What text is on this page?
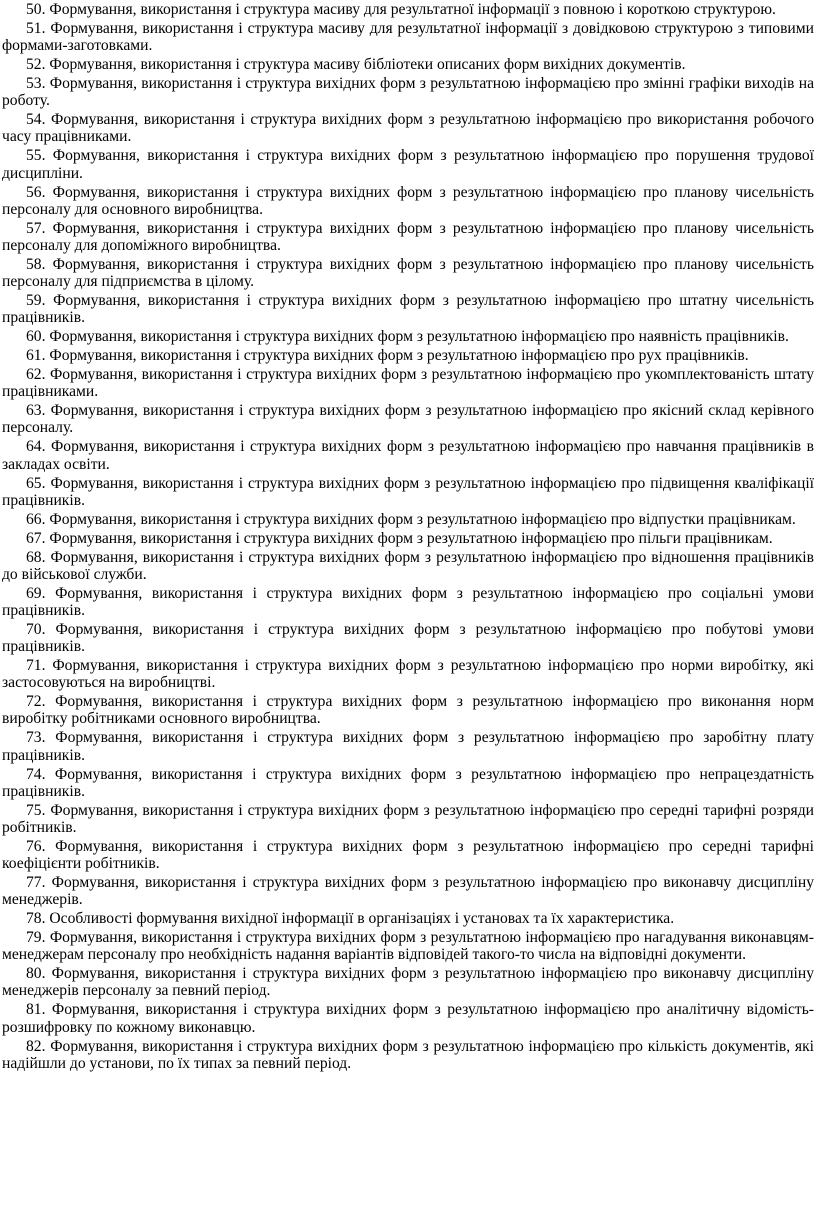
50. Формування, використання і структура масиву для результатної інформації з повною і короткою структурою.

51. Формування, використання і структура масиву для результатної інформації з довідковою структурою з типовими формами-заготовками.

52. Формування, використання і структура масиву бібліотеки описаних форм вихідних документів.

53. Формування, використання і структура вихідних форм з результатною інформацією про змінні графіки виходів на роботу.

54. Формування, використання і структура вихідних форм з результатною інформацією про використання робочого часу працівниками.

55. Формування, використання і структура вихідних форм з результатною інформацією про порушення трудової дисципліни.

56. Формування, використання і структура вихідних форм з результатною інформацією про планову чисельність персоналу для основного виробництва.

57. Формування, використання і структура вихідних форм з результатною інформацією про планову чисельність персоналу для допоміжного виробництва.

58. Формування, використання і структура вихідних форм з результатною інформацією про планову чисельність персоналу для підприємства в цілому.

59. Формування, використання і структура вихідних форм з результатною інформацією про штатну чисельність працівників.

60. Формування, використання і структура вихідних форм з результатною інформацією про наявність працівників.

61. Формування, використання і структура вихідних форм з результатною інформацією про рух працівників.

62. Формування, використання і структура вихідних форм з результатною інформацією про укомплектованість штату працівниками.

63. Формування, використання і структура вихідних форм з результатною інформацією про якісний склад керівного персоналу.

64. Формування, використання і структура вихідних форм з результатною інформацією про навчання працівників в закладах освіти.

65. Формування, використання і структура вихідних форм з результатною інформацією про підвищення кваліфікації працівників.

66. Формування, використання і структура вихідних форм з результатною інформацією про відпустки працівникам.

67. Формування, використання і структура вихідних форм з результатною інформацією про пільги працівникам.

68. Формування, використання і структура вихідних форм з результатною інформацією про відношення працівників до військової служби.

69. Формування, використання і структура вихідних форм з результатною інформацією про соціальні умови працівників.

70. Формування, використання і структура вихідних форм з результатною інформацією про побутові умови працівників.

71. Формування, використання і структура вихідних форм з результатною інформацією про норми виробітку, які застосовуються на виробництві.

72. Формування, використання і структура вихідних форм з результатною інформацією про виконання норм виробітку робітниками основного виробництва.

73. Формування, використання і структура вихідних форм з результатною інформацією про заробітну плату працівників.

74. Формування, використання і структура вихідних форм з результатною інформацією про непрацездатність працівників.

75. Формування, використання і структура вихідних форм з результатною інформацією про середні тарифні розряди робітників.

76. Формування, використання і структура вихідних форм з результатною інформацією про середні тарифні коефіцієнти робітників.

77. Формування, використання і структура вихідних форм з результатною інформацією про виконавчу дисципліну менеджерів.

78. Особливості формування вихідної інформації в організаціях і установах та їх характеристика.

79. Формування, використання і структура вихідних форм з результатною інформацією про нагадування виконавцям-менеджерам персоналу про необхідність надання варіантів відповідей такого-то числа на відповідні документи.

80. Формування, використання і структура вихідних форм з результатною інформацією про виконавчу дисципліну менеджерів персоналу за певний період.

81. Формування, використання і структура вихідних форм з результатною інформацією про аналітичну відомість-розшифровку по кожному виконавцю.

82. Формування, використання і структура вихідних форм з результатною інформацією про кількість документів, які надійшли до установи, по їх типах за певний період.
